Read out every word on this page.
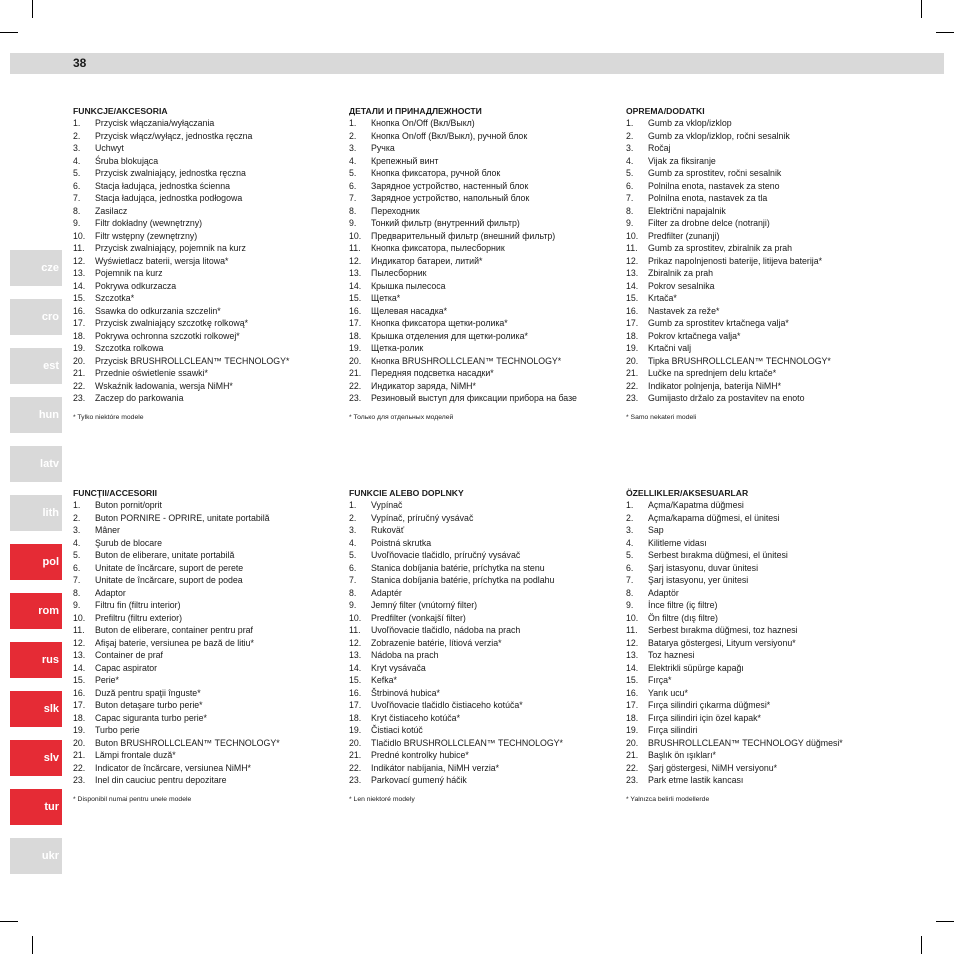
38
cze
cro
est
hun
latv
lith
pol
rom
rus
slk
slv
tur
ukr
FUNKCJE/AKCESORIA
1. Przycisk włączania/wyłączania
2. Przycisk włącz/wyłącz, jednostka ręczna
3. Uchwyt
4. Śruba blokująca
5. Przycisk zwalniający, jednostka ręczna
6. Stacja ładująca, jednostka ścienna
7. Stacja ładująca, jednostka podłogowa
8. Zasilacz
9. Filtr dokładny (wewnętrzny)
10. Filtr wstępny (zewnętrzny)
11. Przycisk zwalniający, pojemnik na kurz
12. Wyświetlacz baterii, wersja litowa*
13. Pojemnik na kurz
14. Pokrywa odkurzacza
15. Szczotka*
16. Ssawka do odkurzania szczelin*
17. Przycisk zwalniający szczotkę rolkową*
18. Pokrywa ochronna szczotki rolkowej*
19. Szczotka rolkowa
20. Przycisk BRUSHROLLCLEAN™ TECHNOLOGY*
21. Przednie oświetlenie ssawki*
22. Wskaźnik ładowania, wersja NiMH*
23. Zaczep do parkowania
* Tylko niektóre modele
ДЕТАЛИ И ПРИНАДЛЕЖНОСТИ
1. Кнопка On/Off (Вкл/Выкл)
2. Кнопка On/off (Вкл/Выкл), ручной блок
3. Ручка
4. Крепежный винт
5. Кнопка фиксатора, ручной блок
6. Зарядное устройство, настенный блок
7. Зарядное устройство, напольный блок
8. Переходник
9. Тонкий фильтр (внутренний фильтр)
10. Предварительный фильтр (внешний фильтр)
11. Кнопка фиксатора, пылесборник
12. Индикатор батареи, литий*
13. Пылесборник
14. Крышка пылесоса
15. Щетка*
16. Щелевая насадка*
17. Кнопка фиксатора щетки-ролика*
18. Крышка отделения для щетки-ролика*
19. Щетка-ролик
20. Кнопка BRUSHROLLCLEAN™ TECHNOLOGY*
21. Передняя подсветка насадки*
22. Индикатор заряда, NiMH*
23. Резиновый выступ для фиксации прибора на базе
* Только для отдельных моделей
OPREMA/DODATKI
1. Gumb za vklop/izklop
2. Gumb za vklop/izklop, ročni sesalnik
3. Ročaj
4. Vijak za fiksiranje
5. Gumb za sprostitev, ročni sesalnik
6. Polnilna enota, nastavek za steno
7. Polnilna enota, nastavek za tla
8. Električni napajalnik
9. Filter za drobne delce (notranji)
10. Predfilter (zunanji)
11. Gumb za sprostitev, zbiralnik za prah
12. Prikaz napolnjenosti baterije, litijeva baterija*
13. Zbiralnik za prah
14. Pokrov sesalnika
15. Krtača*
16. Nastavek za reže*
17. Gumb za sprostitev krtačnega valja*
18. Pokrov krtačnega valja*
19. Krtačni valj
20. Tipka BRUSHROLLCLEAN™ TECHNOLOGY*
21. Lučke na sprednjem delu krtače*
22. Indikator polnjenja, baterija NiMH*
23. Gumijasto držalo za postavitev na enoto
* Samo nekateri modeli
FUNCŢII/ACCESORII
1. Buton pornit/oprit
2. Buton PORNIRE - OPRIRE, unitate portabilă
3. Mâner
4. Şurub de blocare
5. Buton de eliberare, unitate portabilă
6. Unitate de încărcare, suport de perete
7. Unitate de încărcare, suport de podea
8. Adaptor
9. Filtru fin (filtru interior)
10. Prefiltru (filtru exterior)
11. Buton de eliberare, container pentru praf
12. Afişaj baterie, versiunea pe bază de litiu*
13. Container de praf
14. Capac aspirator
15. Perie*
16. Duză pentru spaţii înguste*
17. Buton detaşare turbo perie*
18. Capac siguranta turbo perie*
19. Turbo perie
20. Buton BRUSHROLLCLEAN™ TECHNOLOGY*
21. Lămpi frontale duză*
22. Indicator de încărcare, versiunea NiMH*
23. Inel din cauciuc pentru depozitare
* Disponibil numai pentru unele modele
FUNKCIE ALEBO DOPLNKY
1. Vypínač
2. Vypínač, príručný vysávač
3. Rukoväť
4. Poistná skrutka
5. Uvoľňovacie tlačidlo, príručný vysávač
6. Stanica dobíjania batérie, príchytka na stenu
7. Stanica dobíjania batérie, príchytka na podlahu
8. Adaptér
9. Jemný filter (vnútorný filter)
10. Predfilter (vonkajší filter)
11. Uvoľňovacie tlačidlo, nádoba na prach
12. Zobrazenie batérie, lítiová verzia*
13. Nádoba na prach
14. Kryt vysávača
15. Kefka*
16. Štrbinová hubica*
17. Uvoľňovacie tlačidlo čistiaceho kotúča*
18. Kryt čistiaceho kotúča*
19. Čistiaci kotúč
20. Tlačidlo BRUSHROLLCLEAN™ TECHNOLOGY*
21. Predné kontrolky hubice*
22. Indikátor nabíjania, NiMH verzia*
23. Parkovací gumený háčik
* Len niektoré modely
ÖZELLIKLER/AKSESUARLAR
1. Açma/Kapatma düğmesi
2. Açma/kapama düğmesi, el ünitesi
3. Sap
4. Kilitleme vidası
5. Serbest bırakma düğmesi, el ünitesi
6. Şarj istasyonu, duvar ünitesi
7. Şarj istasyonu, yer ünitesi
8. Adaptör
9. İnce filtre (iç filtre)
10. Ön filtre (dış filtre)
11. Serbest bırakma düğmesi, toz haznesi
12. Batarya göstergesi, Lityum versiyonu*
13. Toz haznesi
14. Elektrikli süpürge kapağı
15. Fırça*
16. Yarık ucu*
17. Fırça silindiri çıkarma düğmesi*
18. Fırça silindiri için özel kapak*
19. Fırça silindiri
20. BRUSHROLLCLEAN™ TECHNOLOGY düğmesi*
21. Başlık ön ışıkları*
22. Şarj göstergesi, NiMH versiyonu*
23. Park etme lastik kancası
* Yalnızca belirli modellerde
